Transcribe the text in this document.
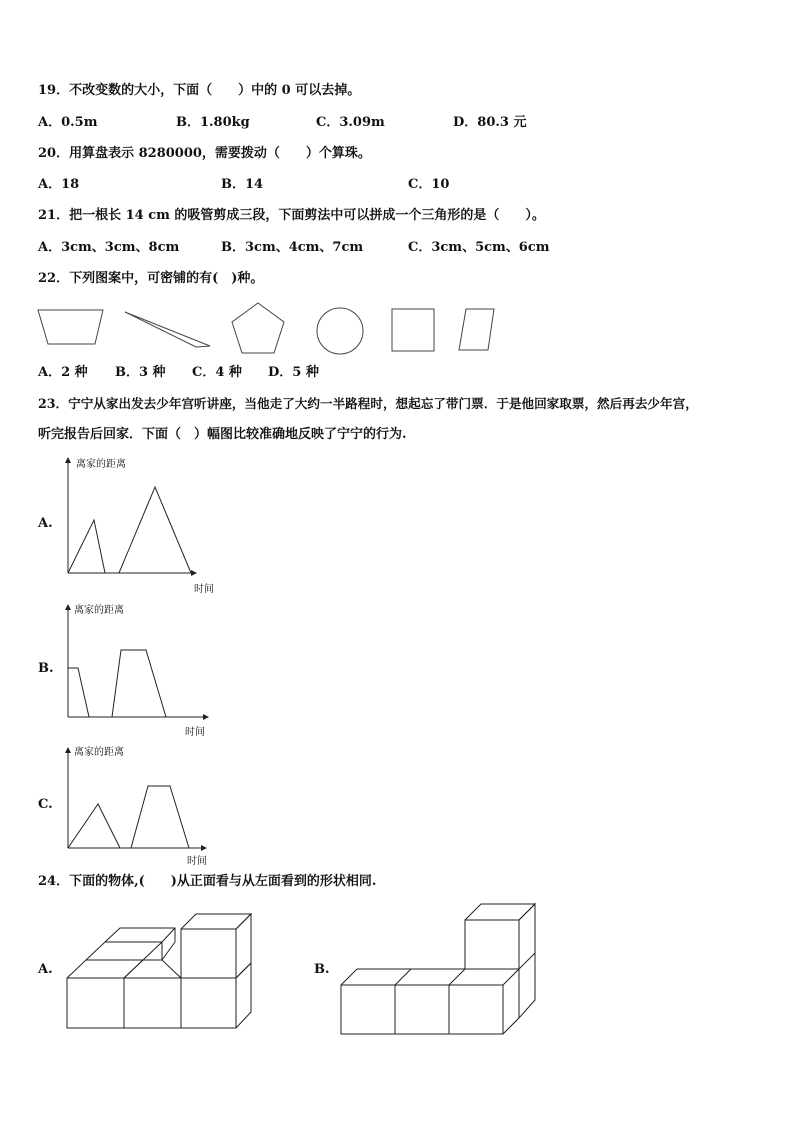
19．不改变数的大小，下面（　　）中的 0 可以去掉。
A．0.5m	B．1.80kg	C．3.09m	D．80.3 元
20．用算盘表示 8280000，需要拨动（　　）个算珠。
A．18	B．14	C．10
21．把一根长 14 cm 的吸管剪成三段，下面剪法中可以拼成一个三角形的是（　　）。
A．3cm、3cm、8cm	B．3cm、4cm、7cm	C．3cm、5cm、6cm
22．下列图案中，可密铺的有(　)种。
A．2 种 B．3 种 C．4 种 D．5 种
23．宁宁从家出发去少年宫听讲座，当他走了大约一半路程时，想起忘了带门票．于是他回家取票，然后再去少年宫，
听完报告后回家．下面（　）幅图比较准确地反映了宁宁的行为.
A.
离家的距离
时间
B.
离家的距离
时间
C.
离家的距离
时间
24．下面的物体,(　　)从正面看与从左面看到的形状相同.
A.	B.
